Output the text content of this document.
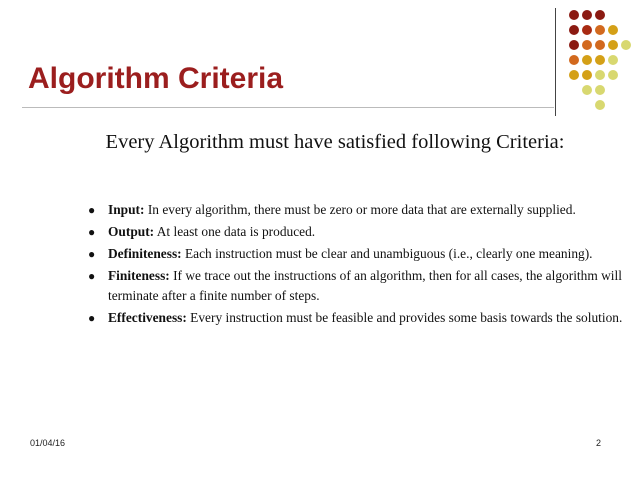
Algorithm Criteria
Every Algorithm must have satisfied following Criteria:
● Input: In every algorithm, there must be zero or more data that are externally supplied.
● Output: At least one data is produced.
● Definiteness: Each instruction must be clear and unambiguous (i.e., clearly one meaning).
● Finiteness: If we trace out the instructions of an algorithm, then for all cases, the algorithm will terminate after a finite number of steps.
● Effectiveness: Every instruction must be feasible and provides some basis towards the solution.
01/04/16	2
